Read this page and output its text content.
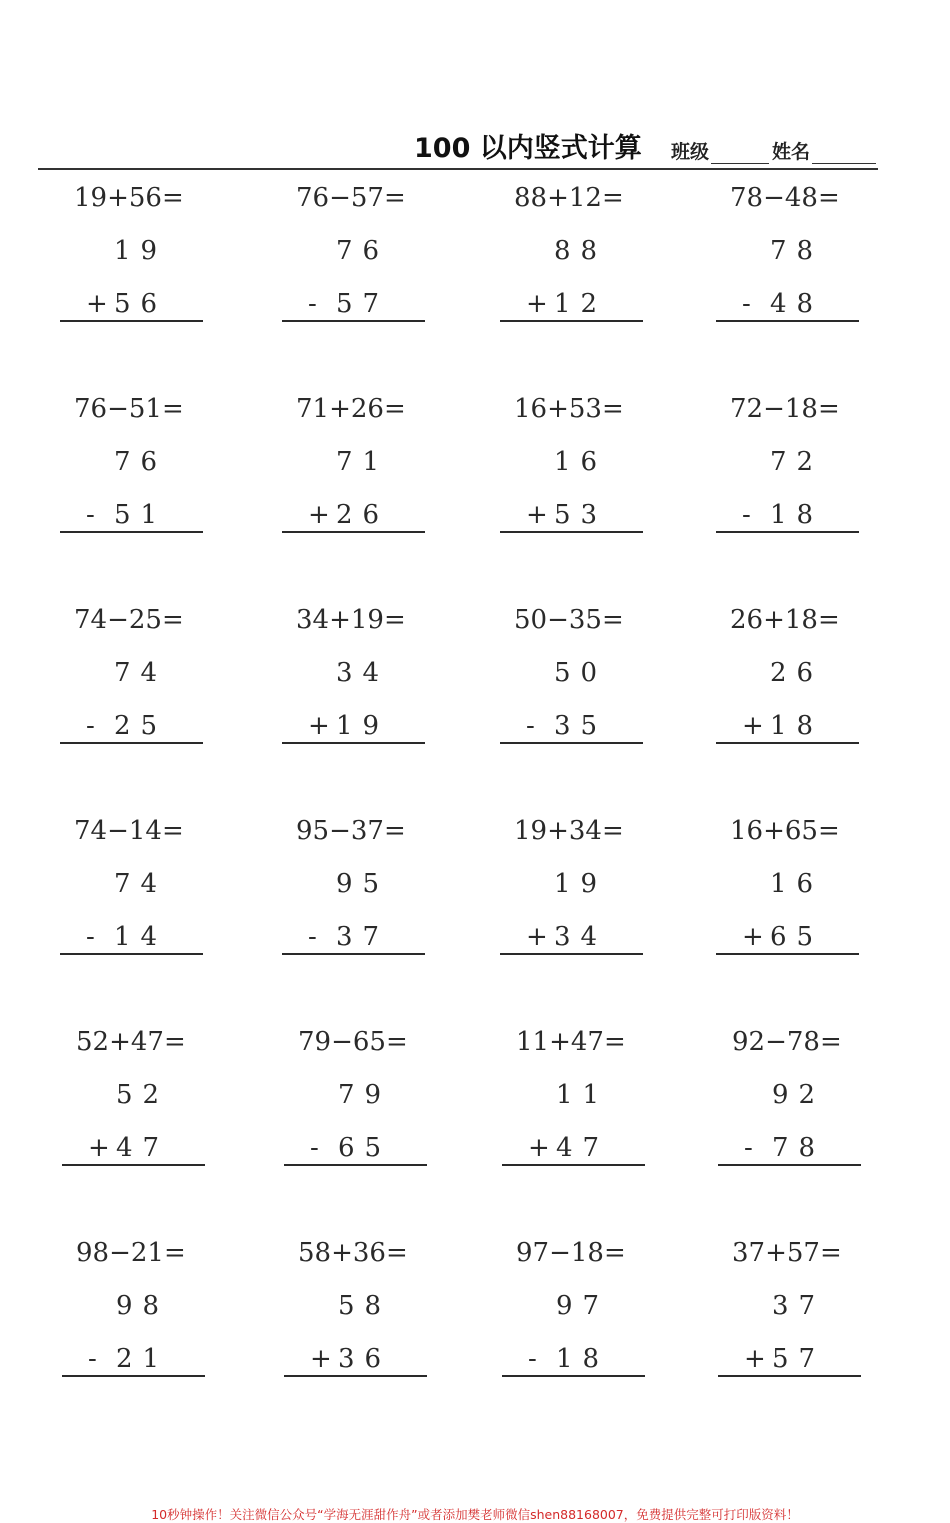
100 以内竖式计算 班级	姓名
19+56=
19
+ 56
76−57=
76
- 57
88+12=
88
+ 12
78−48=
78
- 48
76−51=
76
- 51
71+26=
71
+ 26
16+53=
16
+ 53
72−18=
72
- 18
74−25=
74
- 25
34+19=
34
+ 19
50−35=
50
- 35
26+18=
26
+ 18
74−14=
74
- 14
95−37=
95
- 37
19+34=
19
+ 34
16+65=
16
+ 65
52+47=
52
+ 47
79−65=
79
- 65
11+47=
11
+ 47
92−78=
92
- 78
98−21=
98
- 21
58+36=
58
+ 36
97−18=
97
- 18
37+57=
37
+ 57
10秒钟操作！关注微信公众号“学海无涯甜作舟”或者添加樊老师微信shen88168007，免费提供完整可打印版资料！
